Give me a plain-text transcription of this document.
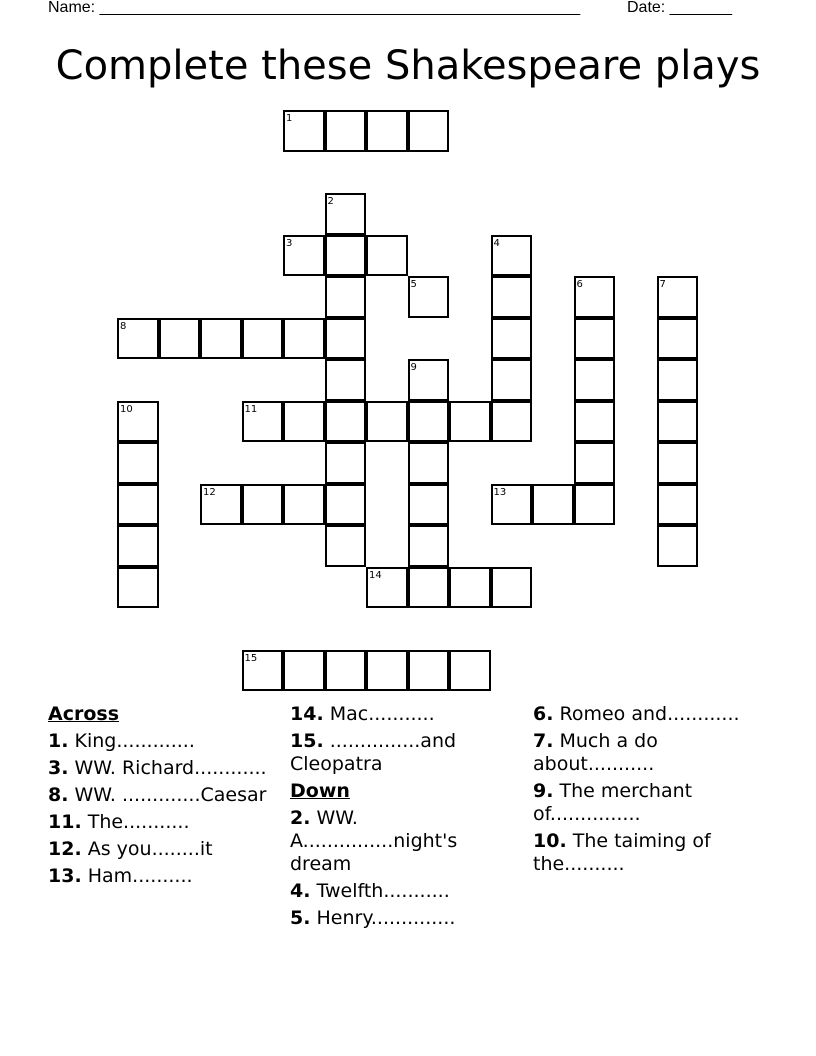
Name: ______________________________________________________	Date: _______
Complete these Shakespeare plays
1
2
3	4
5	6	7
8
9
10	11
12	13
14
15
Across
1. King.............
3. WW. Richard............
8. WW. .............Caesar
11. The...........
12. As you........it
13. Ham..........
14. Mac...........
15. ...............and Cleopatra
Down
2. WW. A...............night's dream
4. Twelfth...........
5. Henry..............
6. Romeo and............
7. Much a do about...........
9. The merchant of...............
10. The taiming of the..........
